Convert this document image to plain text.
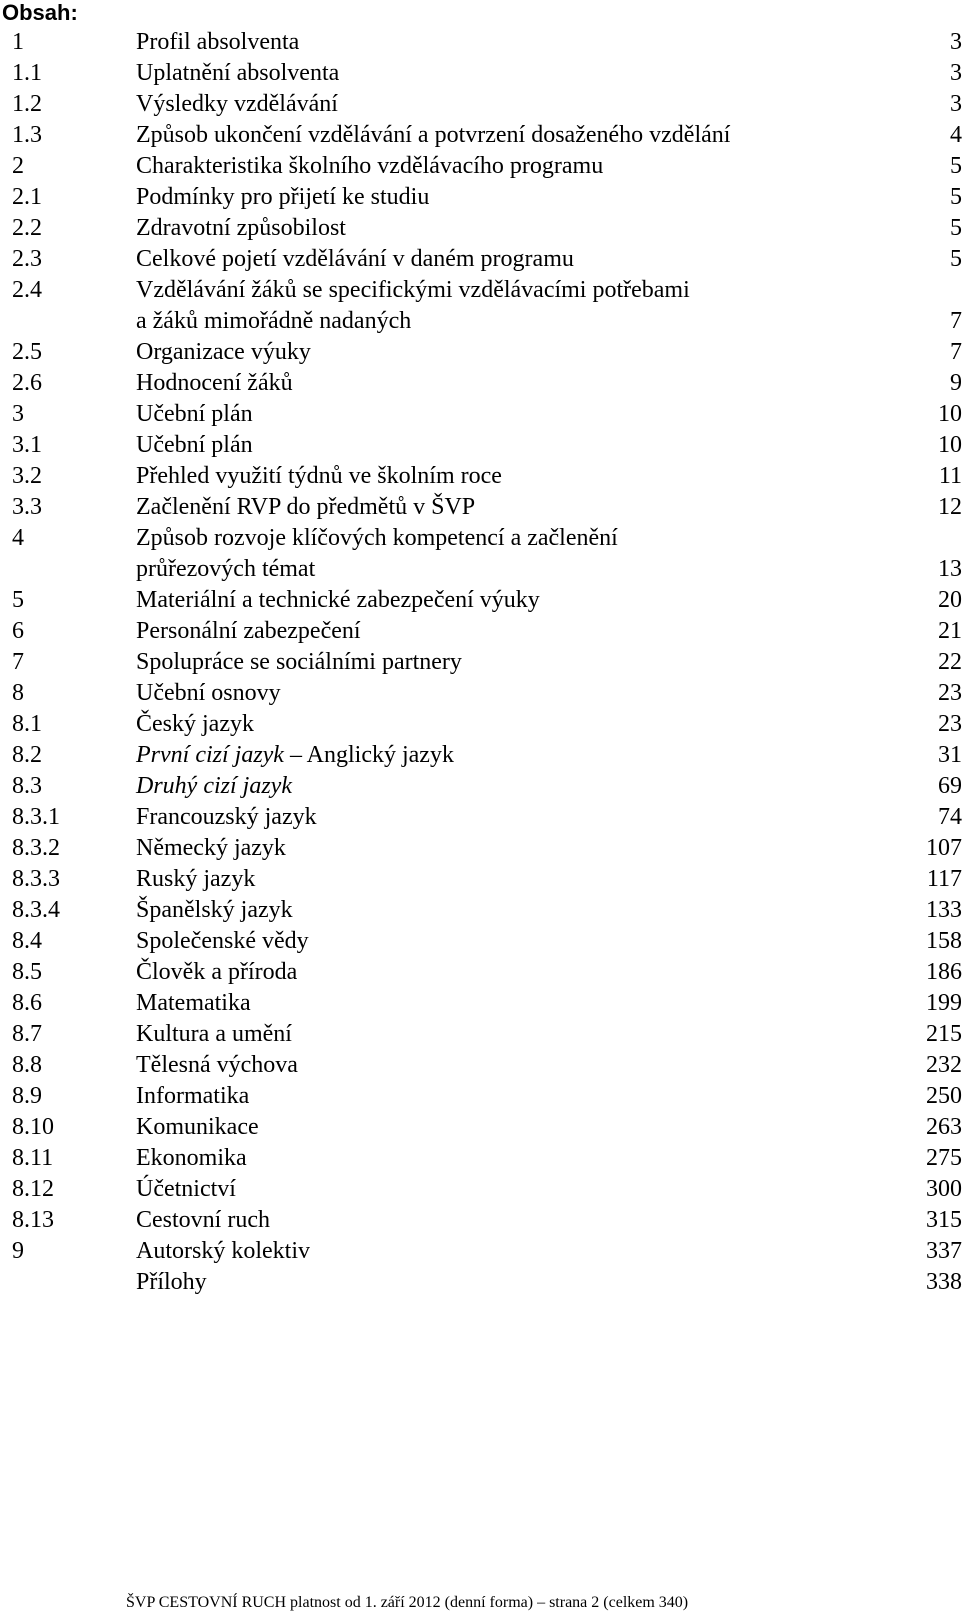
Obsah:
1	Profil absolventa	3
1.1	Uplatnění absolventa	3
1.2	Výsledky vzdělávání	3
1.3	Způsob ukončení vzdělávání a potvrzení dosaženého vzdělání	4
2	Charakteristika školního vzdělávacího programu	5
2.1	Podmínky pro přijetí ke studiu	5
2.2	Zdravotní způsobilost	5
2.3	Celkové pojetí vzdělávání v daném programu	5
2.4	Vzdělávání žáků se specifickými vzdělávacími potřebami
a žáků mimořádně nadaných	7
2.5	Organizace výuky	7
2.6	Hodnocení žáků	9
3	Učební plán	10
3.1	Učební plán	10
3.2	Přehled využití týdnů ve školním roce	11
3.3	Začlenění RVP do předmětů v ŠVP	12
4	Způsob rozvoje klíčových kompetencí a začlenění
průřezových témat	13
5	Materiální a technické zabezpečení výuky	20
6	Personální zabezpečení	21
7	Spolupráce se sociálními partnery	22
8	Učební osnovy	23
8.1	Český jazyk	23
8.2	První cizí jazyk – Anglický jazyk	31
8.3	Druhý cizí jazyk	69
8.3.1	Francouzský jazyk	74
8.3.2	Německý jazyk	107
8.3.3	Ruský jazyk	117
8.3.4	Španělský jazyk	133
8.4	Společenské vědy	158
8.5	Člověk a příroda	186
8.6	Matematika	199
8.7	Kultura a umění	215
8.8	Tělesná výchova	232
8.9	Informatika	250
8.10	Komunikace	263
8.11	Ekonomika	275
8.12	Účetnictví	300
8.13	Cestovní ruch	315
9	Autorský kolektiv	337
Přílohy	338
ŠVP CESTOVNÍ RUCH platnost od 1. září 2012 (denní forma) – strana 2 (celkem 340)
